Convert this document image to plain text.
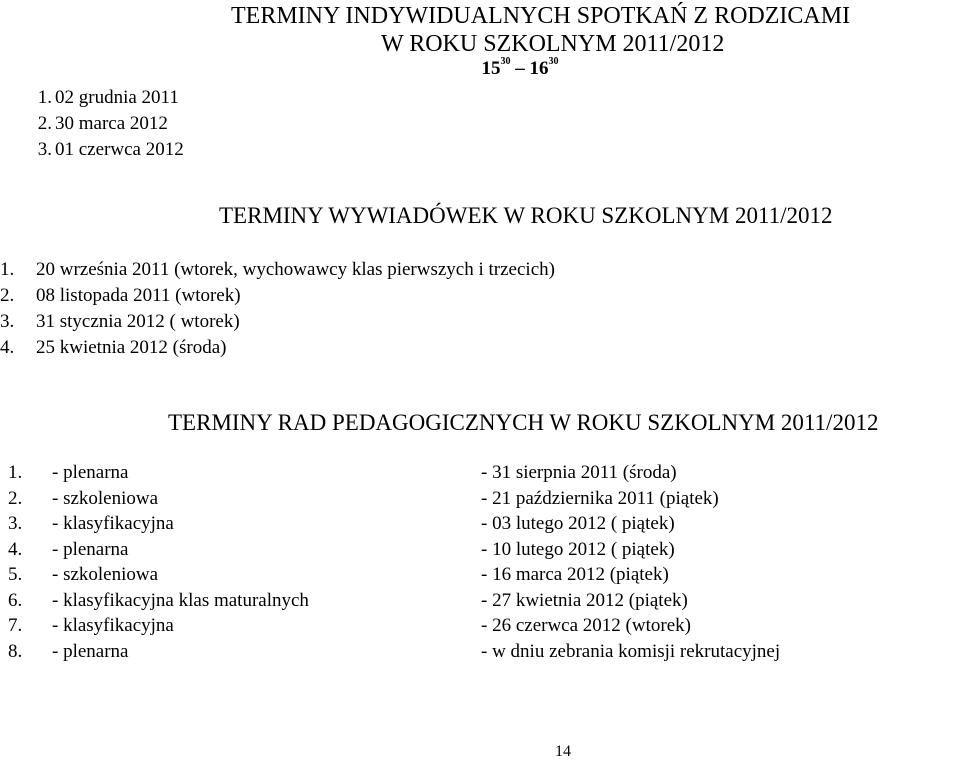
TERMINY INDYWIDUALNYCH SPOTKAŃ Z RODZICAMI
W ROKU SZKOLNYM 2011/2012
$15^{30} - 16^{30}$
1. 02 grudnia 2011
2. 30 marca 2012
3. 01 czerwca 2012
TERMINY WYWIADÓWEK W ROKU SZKOLNYM 2011/2012
1.	20 września 2011 (wtorek, wychowawcy klas pierwszych i trzecich)
2.	08 listopada 2011 (wtorek)
3.	31 stycznia 2012 ( wtorek)
4.	25 kwietnia 2012 (środa)
TERMINY RAD PEDAGOGICZNYCH W ROKU SZKOLNYM 2011/2012
1.	- plenarna	- 31 sierpnia 2011 (środa)
2.	- szkoleniowa	- 21 października 2011 (piątek)
3.	- klasyfikacyjna	- 03 lutego 2012 ( piątek)
4.	- plenarna	- 10 lutego 2012 ( piątek)
5.	- szkoleniowa	- 16 marca 2012 (piątek)
6.	- klasyfikacyjna klas maturalnych	- 27 kwietnia 2012 (piątek)
7.	- klasyfikacyjna	- 26 czerwca 2012 (wtorek)
8.	- plenarna	- w dniu zebrania komisji rekrutacyjnej
14
